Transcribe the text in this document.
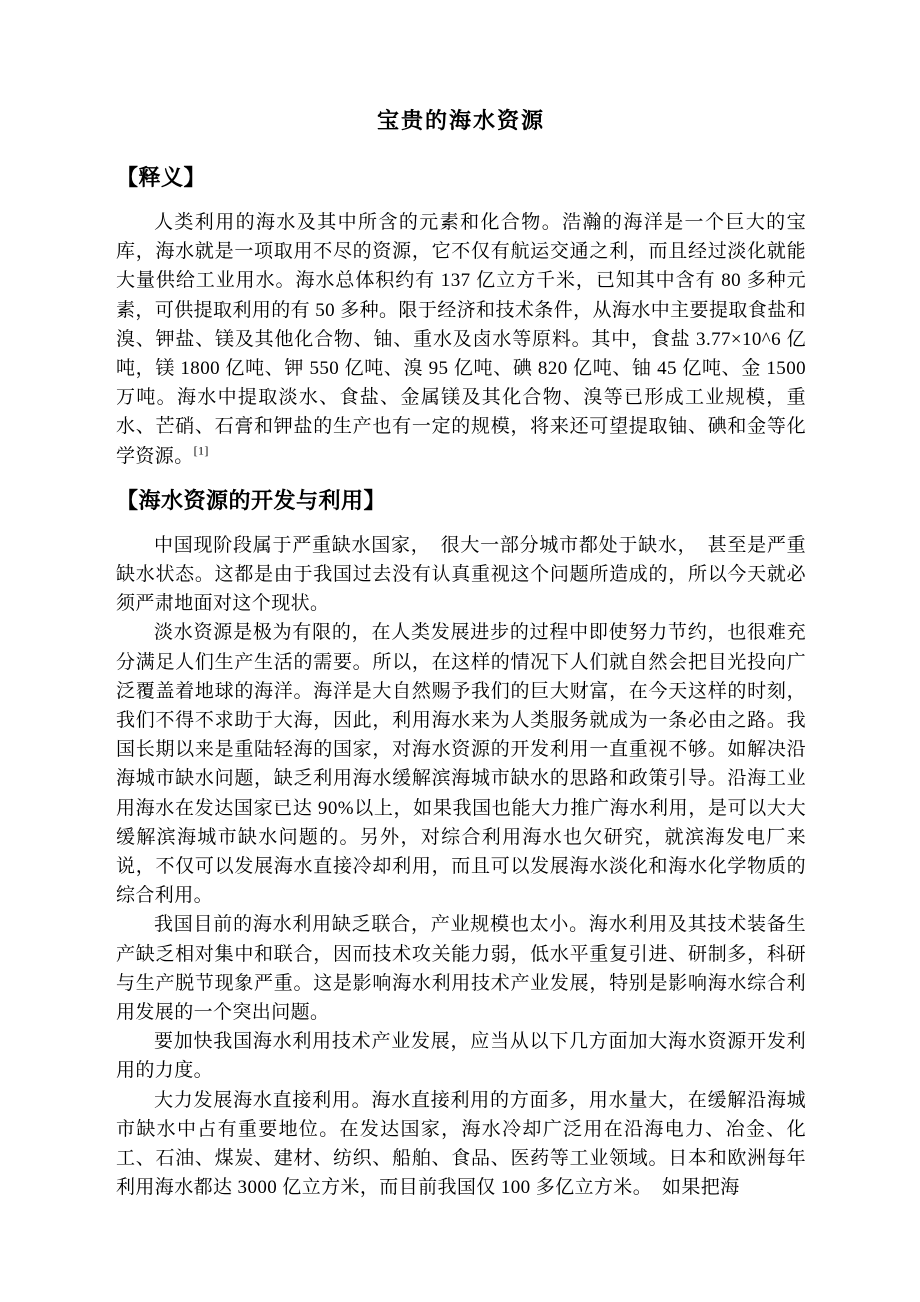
宝贵的海水资源
【释义】

人类利用的海水及其中所含的元素和化合物。浩瀚的海洋是一个巨大的宝库，海水就是一项取用不尽的资源，它不仅有航运交通之利，而且经过淡化就能大量供给工业用水。海水总体积约有 137 亿立方千米，已知其中含有 80 多种元素，可供提取利用的有 50 多种。限于经济和技术条件，从海水中主要提取食盐和溴、钾盐、镁及其他化合物、铀、重水及卤水等原料。其中，食盐 3.77×10^6 亿吨，镁 1800 亿吨、钾 550 亿吨、溴 95 亿吨、碘 820 亿吨、铀 45 亿吨、金 1500 万吨。海水中提取淡水、食盐、金属镁及其化合物、溴等已形成工业规模，重水、芒硝、石膏和钾盐的生产也有一定的规模，将来还可望提取铀、碘和金等化学资源。[1]

【海水资源的开发与利用】

中国现阶段属于严重缺水国家，　很大一部分城市都处于缺水，　甚至是严重缺水状态。这都是由于我国过去没有认真重视这个问题所造成的，所以今天就必须严肃地面对这个现状。

淡水资源是极为有限的，在人类发展进步的过程中即使努力节约，也很难充分满足人们生产生活的需要。所以，在这样的情况下人们就自然会把目光投向广泛覆盖着地球的海洋。海洋是大自然赐予我们的巨大财富，在今天这样的时刻，我们不得不求助于大海，因此，利用海水来为人类服务就成为一条必由之路。我国长期以来是重陆轻海的国家，对海水资源的开发利用一直重视不够。如解决沿海城市缺水问题，缺乏利用海水缓解滨海城市缺水的思路和政策引导。沿海工业用海水在发达国家已达 90%以上，如果我国也能大力推广海水利用，是可以大大缓解滨海城市缺水问题的。另外，对综合利用海水也欠研究，就滨海发电厂来说，不仅可以发展海水直接冷却利用，而且可以发展海水淡化和海水化学物质的综合利用。

我国目前的海水利用缺乏联合，产业规模也太小。海水利用及其技术装备生产缺乏相对集中和联合，因而技术攻关能力弱，低水平重复引进、研制多，科研与生产脱节现象严重。这是影响海水利用技术产业发展，特别是影响海水综合利用发展的一个突出问题。

要加快我国海水利用技术产业发展，应当从以下几方面加大海水资源开发利用的力度。

大力发展海水直接利用。海水直接利用的方面多，用水量大，在缓解沿海城市缺水中占有重要地位。在发达国家，海水冷却广泛用在沿海电力、冶金、化工、石油、煤炭、建材、纺织、船舶、食品、医药等工业领域。日本和欧洲每年利用海水都达 3000 亿立方米，而目前我国仅 100 多亿立方米。　如果把海
